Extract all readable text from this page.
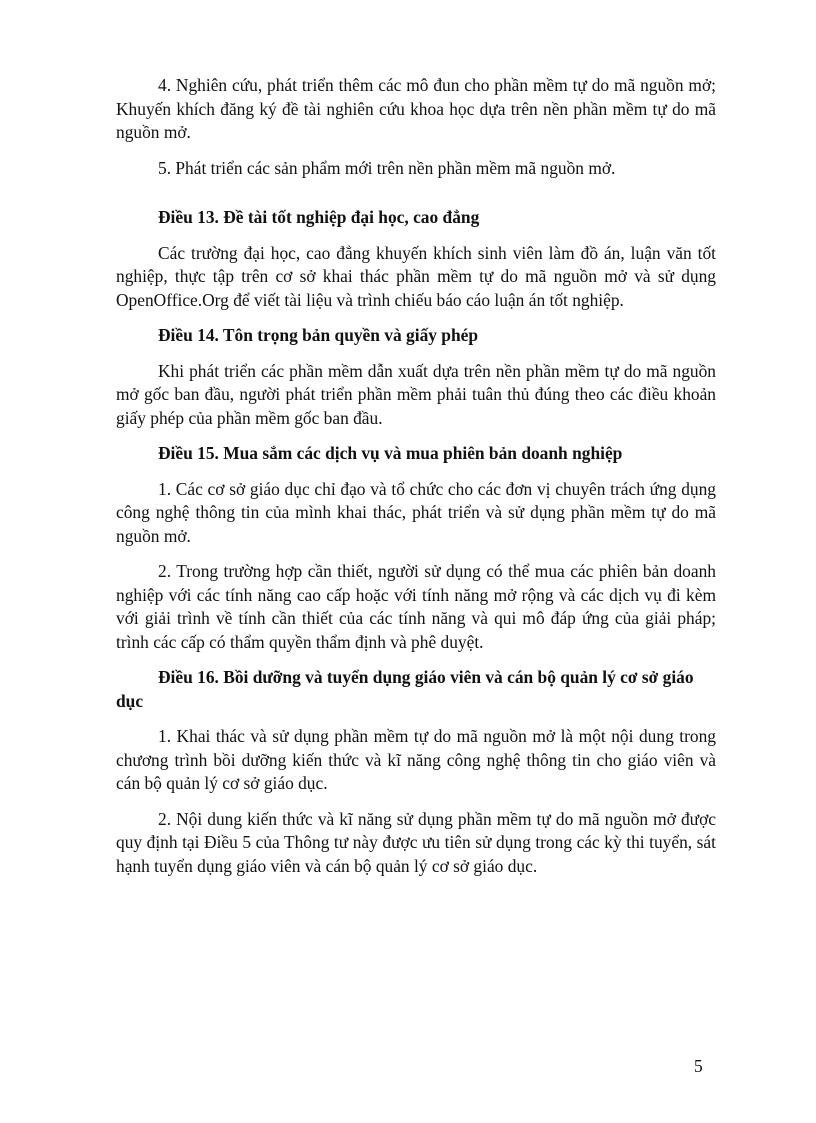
4. Nghiên cứu, phát triển thêm các mô đun cho phần mềm tự do mã nguồn mở; Khuyến khích đăng ký đề tài nghiên cứu khoa học dựa trên nền phần mềm tự do mã nguồn mở.

5. Phát triển các sản phẩm mới trên nền phần mềm mã nguồn mở.

Điều 13. Đề tài tốt nghiệp đại học, cao đẳng

Các trường đại học, cao đẳng khuyến khích sinh viên làm đồ án, luận văn tốt nghiệp, thực tập trên cơ sở khai thác phần mềm tự do mã nguồn mở và sử dụng OpenOffice.Org để viết tài liệu và trình chiếu báo cáo luận án tốt nghiệp.

Điều 14. Tôn trọng bản quyền và giấy phép

Khi phát triển các phần mềm dẫn xuất dựa trên nền phần mềm tự do mã nguồn mở gốc ban đầu, người phát triển phần mềm phải tuân thủ đúng theo các điều khoản giấy phép của phần mềm gốc ban đầu.

Điều 15. Mua sắm các dịch vụ và mua phiên bản doanh nghiệp

1. Các cơ sở giáo dục chỉ đạo và tổ chức cho các đơn vị chuyên trách ứng dụng công nghệ thông tin của mình khai thác, phát triển và sử dụng phần mềm tự do mã nguồn mở.

2. Trong trường hợp cần thiết, người sử dụng có thể mua các phiên bản doanh nghiệp với các tính năng cao cấp hoặc với tính năng mở rộng và các dịch vụ đi kèm với giải trình về tính cần thiết của các tính năng và qui mô đáp ứng của giải pháp; trình các cấp có thẩm quyền thẩm định và phê duyệt.

Điều 16. Bồi dưỡng và tuyển dụng giáo viên và cán bộ quản lý cơ sở giáo dục

1. Khai thác và sử dụng phần mềm tự do mã nguồn mở là một nội dung trong chương trình bồi dưỡng kiến thức và kĩ năng công nghệ thông tin cho giáo viên và cán bộ quản lý cơ sở giáo dục.

2. Nội dung kiến thức và kĩ năng sử dụng phần mềm tự do mã nguồn mở được quy định tại Điều 5 của Thông tư này được ưu tiên sử dụng trong các kỳ thi tuyển, sát hạnh tuyển dụng giáo viên và cán bộ quản lý cơ sở giáo dục.

5
